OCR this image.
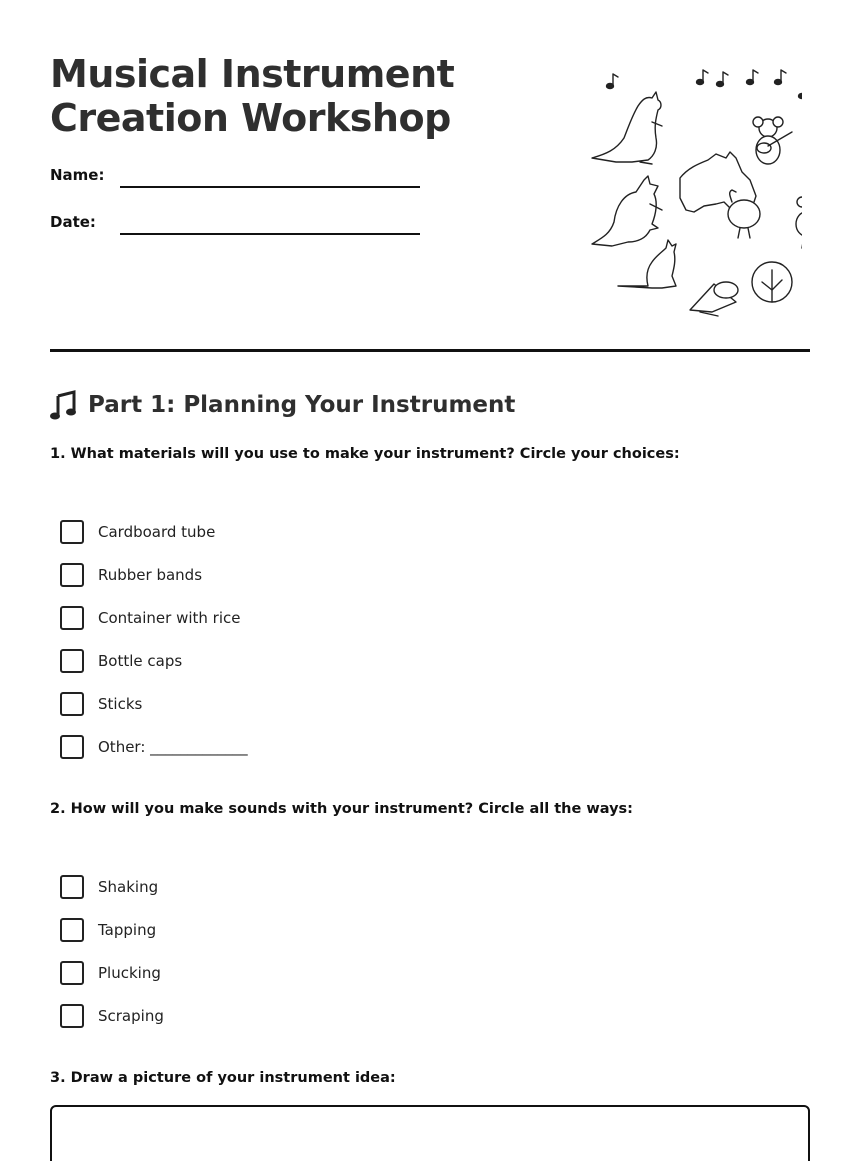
Musical Instrument
Creation Workshop
Name:
Date:
Part 1: Planning Your Instrument
1. What materials will you use to make your instrument? Circle your choices:
Cardboard tube
Rubber bands
Container with rice
Bottle caps
Sticks
Other: _____________
2. How will you make sounds with your instrument? Circle all the ways:
Shaking
Tapping
Plucking
Scraping
3. Draw a picture of your instrument idea:
